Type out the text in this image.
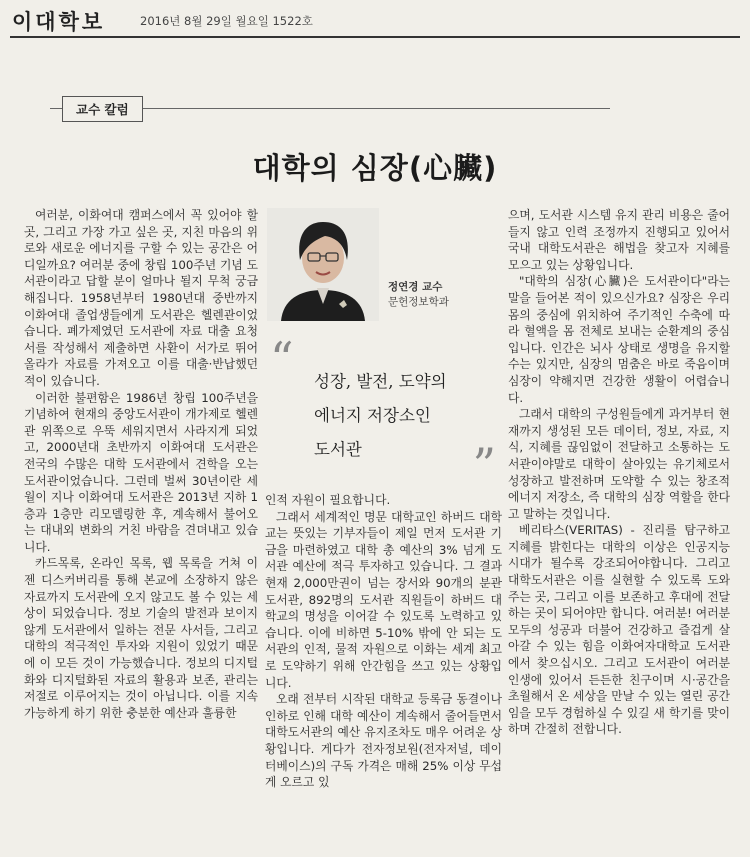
이대학보	2016년 8월 29일 월요일 1522호
교수 칼럼
대학의 심장(心臟)

여러분, 이화여대 캠퍼스에서 꼭 있어야 할 곳, 그리고 가장 가고 싶은 곳, 지친 마음의 위로와 새로운 에너지를 구할 수 있는 공간은 어디일까요? 여러분 중에 창립 100주년 기념 도서관이라고 답할 분이 얼마나 될지 무척 궁금해집니다. 1958년부터 1980년대 중반까지 이화여대 졸업생들에게 도서관은 헬렌관이었습니다. 폐가제였던 도서관에 자료 대출 요청서를 작성해서 제출하면 사환이 서가로 뛰어올라가 자료를 가져오고 이를 대출·반납했던 적이 있습니다.

이러한 불편함은 1986년 창립 100주년을 기념하여 현재의 중앙도서관이 개가제로 헬렌관 위쪽으로 우뚝 세워지면서 사라지게 되었고, 2000년대 초반까지 이화여대 도서관은 전국의 수많은 대학 도서관에서 견학을 오는 도서관이었습니다. 그런데 벌써 30년이란 세월이 지나 이화여대 도서관은 2013년 지하 1층과 1층만 리모델링한 후, 계속해서 불어오는 대내외 변화의 거친 바람을 견뎌내고 있습니다.

카드목록, 온라인 목록, 웹 목록을 거쳐 이젠 디스커버리를 통해 본교에 소장하지 않은 자료까지 도서관에 오지 않고도 볼 수 있는 세상이 되었습니다. 정보 기술의 발전과 보이지 않게 도서관에서 일하는 전문 사서들, 그리고 대학의 적극적인 투자와 지원이 있었기 때문에 이 모든 것이 가능했습니다. 정보의 디지털화와 디지털화된 자료의 활용과 보존, 관리는 저절로 이루어지는 것이 아닙니다. 이를 지속 가능하게 하기 위한 충분한 예산과 훌륭한

정연경 교수
문헌정보학과
“ 성장, 발전, 도약의
에너지 저장소인
도서관 ”

인적 자원이 필요합니다.

그래서 세계적인 명문 대학교인 하버드 대학교는 뜻있는 기부자들이 제일 먼저 도서관 기금을 마련하였고 대학 총 예산의 3% 넘게 도서관 예산에 적극 투자하고 있습니다. 그 결과 현재 2,000만권이 넘는 장서와 90개의 분관 도서관, 892명의 도서관 직원들이 하버드 대학교의 명성을 이어갈 수 있도록 노력하고 있습니다. 이에 비하면 5-10% 밖에 안 되는 도서관의 인적, 물적 자원으로 이화는 세계 최고로 도약하기 위해 안간힘을 쓰고 있는 상황입니다.

오래 전부터 시작된 대학교 등록금 동결이나 인하로 인해 대학 예산이 계속해서 줄어들면서 대학도서관의 예산 유지조차도 매우 어려운 상황입니다. 게다가 전자정보원(전자저널, 데이터베이스)의 구독 가격은 매해 25% 이상 무섭게 오르고 있

으며, 도서관 시스템 유지 관리 비용은 줄어들지 않고 인력 조정까지 진행되고 있어서 국내 대학도서관은 해법을 찾고자 지혜를 모으고 있는 상황입니다.

"대학의 심장(心臟)은 도서관이다"라는 말을 들어본 적이 있으신가요? 심장은 우리 몸의 중심에 위치하여 주기적인 수축에 따라 혈액을 몸 전체로 보내는 순환계의 중심입니다. 인간은 뇌사 상태로 생명을 유지할 수는 있지만, 심장의 멈춤은 바로 죽음이며 심장이 약해지면 건강한 생활이 어렵습니다.

그래서 대학의 구성원들에게 과거부터 현재까지 생성된 모든 데이터, 정보, 자료, 지식, 지혜를 끊임없이 전달하고 소통하는 도서관이야말로 대학이 살아있는 유기체로서 성장하고 발전하며 도약할 수 있는 창조적 에너지 저장소, 즉 대학의 심장 역할을 한다고 말하는 것입니다.

베리타스(VERITAS) - 진리를 탐구하고 지혜를 밝힌다는 대학의 이상은 인공지능 시대가 될수록 강조되어야합니다. 그리고 대학도서관은 이를 실현할 수 있도록 도와주는 곳, 그리고 이를 보존하고 후대에 전달하는 곳이 되어야만 합니다. 여러분! 여러분 모두의 성공과 더불어 건강하고 즐겁게 살아갈 수 있는 힘을 이화여자대학교 도서관에서 찾으십시오. 그리고 도서관이 여러분 인생에 있어서 든든한 친구이며 시·공간을 초월해서 온 세상을 만날 수 있는 열린 공간임을 모두 경험하실 수 있길 새 학기를 맞이하며 간절히 전합니다.
